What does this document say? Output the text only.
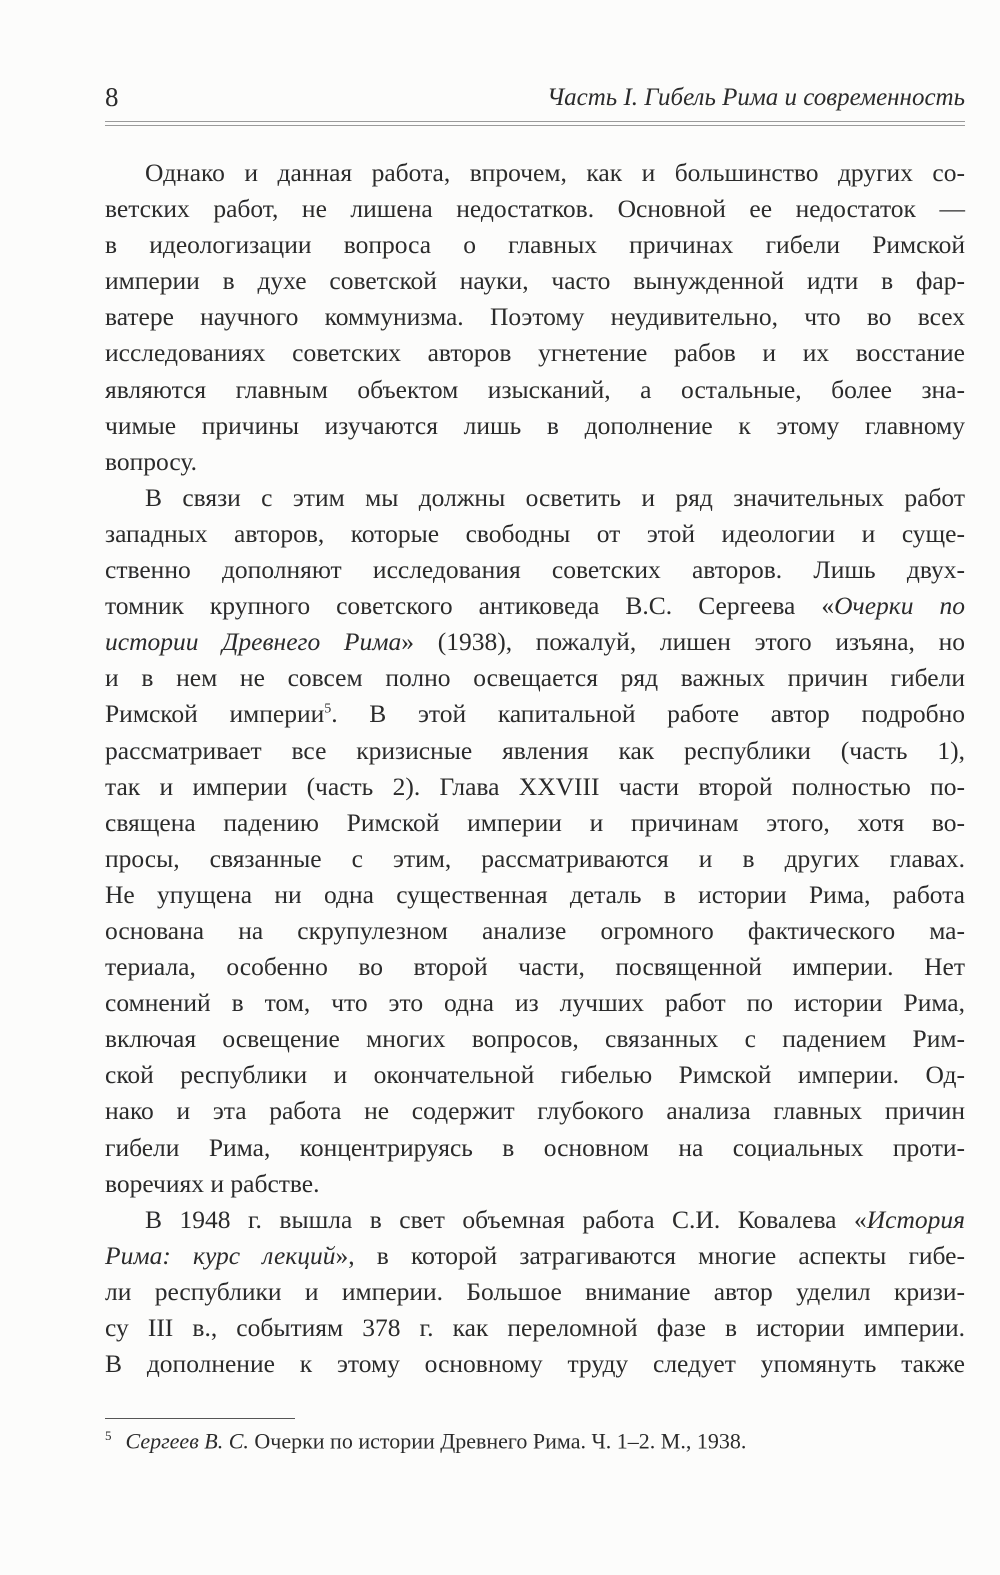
8	Часть I. Гибель Рима и современность
Однако и данная работа, впрочем, как и большинство других со-
ветских работ, не лишена недостатков. Основной ее недостаток —
в идеологизации вопроса о главных причинах гибели Римской
империи в духе советской науки, часто вынужденной идти в фар-
ватере научного коммунизма. Поэтому неудивительно, что во всех
исследованиях советских авторов угнетение рабов и их восстание
являются главным объектом изысканий, а остальные, более зна-
чимые причины изучаются лишь в дополнение к этому главному
вопросу.
В связи с этим мы должны осветить и ряд значительных работ
западных авторов, которые свободны от этой идеологии и суще-
ственно дополняют исследования советских авторов. Лишь двух-
томник крупного советского антиковеда В.С. Сергеева «Очерки по
истории Древнего Рима» (1938), пожалуй, лишен этого изъяна, но
и в нем не совсем полно освещается ряд важных причин гибели
Римской империи$^5$. В этой капитальной работе автор подробно
рассматривает все кризисные явления как республики (часть 1),
так и империи (часть 2). Глава XXVIII части второй полностью по-
священа падению Римской империи и причинам этого, хотя во-
просы, связанные с этим, рассматриваются и в других главах.
Не упущена ни одна существенная деталь в истории Рима, работа
основана на скрупулезном анализе огромного фактического ма-
териала, особенно во второй части, посвященной империи. Нет
сомнений в том, что это одна из лучших работ по истории Рима,
включая освещение многих вопросов, связанных с падением Рим-
ской республики и окончательной гибелью Римской империи. Од-
нако и эта работа не содержит глубокого анализа главных причин
гибели Рима, концентрируясь в основном на социальных проти-
воречиях и рабстве.
В 1948 г. вышла в свет объемная работа С.И. Ковалева «История
Рима: курс лекций», в которой затрагиваются многие аспекты гибе-
ли республики и империи. Большое внимание автор уделил кризи-
су III в., событиям 378 г. как переломной фазе в истории империи.
В дополнение к этому основному труду следует упомянуть также
$^5$ Сергеев В. С. Очерки по истории Древнего Рима. Ч. 1–2. М., 1938.
